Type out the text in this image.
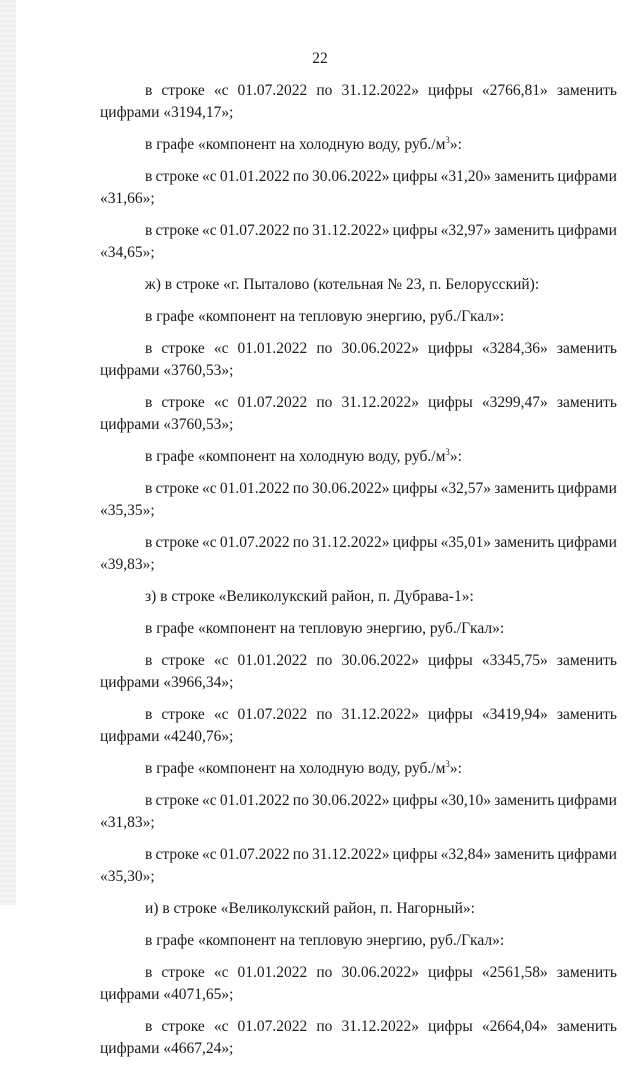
22
в строке «с 01.07.2022 по 31.12.2022» цифры «2766,81» заменить
цифрами «3194,17»;
в графе «компонент на холодную воду, $руб./м^3$»:
в строке «с 01.01.2022 по 30.06.2022» цифры «31,20» заменить цифрами
«31,66»;
в строке «с 01.07.2022 по 31.12.2022» цифры «32,97» заменить цифрами
«34,65»;
ж) в строке «г. Пыталово (котельная № 23, п. Белорусский):
в графе «компонент на тепловую энергию, руб./Гкал»:
в строке «с 01.01.2022 по 30.06.2022» цифры «3284,36» заменить
цифрами «3760,53»;
в строке «с 01.07.2022 по 31.12.2022» цифры «3299,47» заменить
цифрами «3760,53»;
в графе «компонент на холодную воду, $руб./м^3$»:
в строке «с 01.01.2022 по 30.06.2022» цифры «32,57» заменить цифрами
«35,35»;
в строке «с 01.07.2022 по 31.12.2022» цифры «35,01» заменить цифрами
«39,83»;
з) в строке «Великолукский район, п. Дубрава-1»:
в графе «компонент на тепловую энергию, руб./Гкал»:
в строке «с 01.01.2022 по 30.06.2022» цифры «3345,75» заменить
цифрами «3966,34»;
в строке «с 01.07.2022 по 31.12.2022» цифры «3419,94» заменить
цифрами «4240,76»;
в графе «компонент на холодную воду, $руб./м^3$»:
в строке «с 01.01.2022 по 30.06.2022» цифры «30,10» заменить цифрами
«31,83»;
в строке «с 01.07.2022 по 31.12.2022» цифры «32,84» заменить цифрами
«35,30»;
и) в строке «Великолукский район, п. Нагорный»:
в графе «компонент на тепловую энергию, руб./Гкал»:
в строке «с 01.01.2022 по 30.06.2022» цифры «2561,58» заменить
цифрами «4071,65»;
в строке «с 01.07.2022 по 31.12.2022» цифры «2664,04» заменить
цифрами «4667,24»;
